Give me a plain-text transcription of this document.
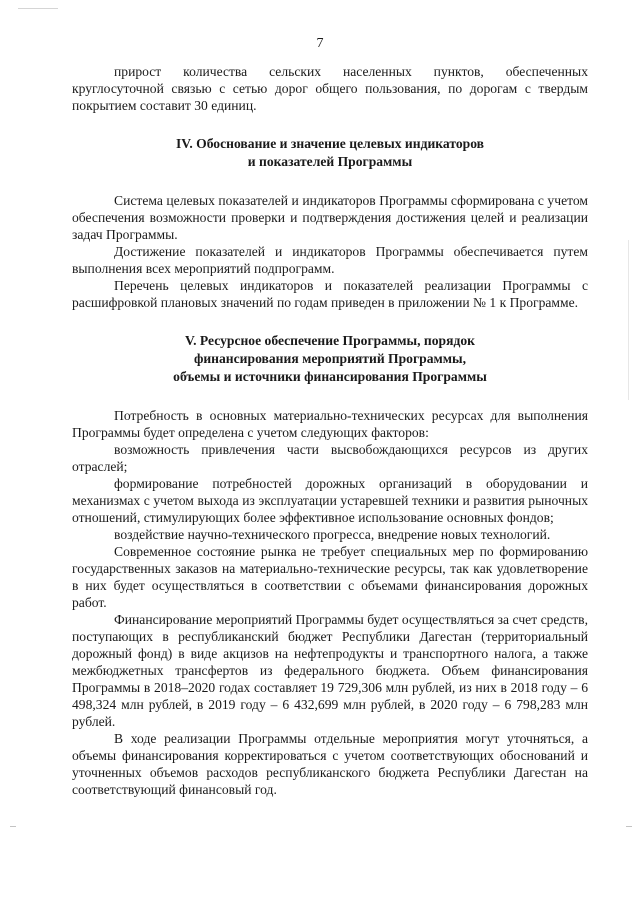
7

прирост количества сельских населенных пунктов, обеспеченных круглосуточной связью с сетью дорог общего пользования, по дорогам с твердым покрытием составит 30 единиц.

IV. Обоснование и значение целевых индикаторов

и показателей Программы

Система целевых показателей и индикаторов Программы сформирована с учетом обеспечения возможности проверки и подтверждения достижения целей и реализации задач Программы.

Достижение показателей и индикаторов Программы обеспечивается путем выполнения всех мероприятий подпрограмм.

Перечень целевых индикаторов и показателей реализации Программы с расшифровкой плановых значений по годам приведен в приложении № 1 к Программе.

V. Ресурсное обеспечение Программы, порядок

финансирования мероприятий Программы,

объемы и источники финансирования Программы

Потребность в основных материально-технических ресурсах для выполнения Программы будет определена с учетом следующих факторов:

возможность привлечения части высвобождающихся ресурсов из других отраслей;

формирование потребностей дорожных организаций в оборудовании и механизмах с учетом выхода из эксплуатации устаревшей техники и развития рыночных отношений, стимулирующих более эффективное использование основных фондов;

воздействие научно-технического прогресса, внедрение новых технологий.

Современное состояние рынка не требует специальных мер по формированию государственных заказов на материально-технические ресурсы, так как удовлетворение в них будет осуществляться в соответствии с объемами финансирования дорожных работ.

Финансирование мероприятий Программы будет осуществляться за счет средств, поступающих в республиканский бюджет Республики Дагестан (территориальный дорожный фонд) в виде акцизов на нефтепродукты и транспортного налога, а также межбюджетных трансфертов из федерального бюджета. Объем финансирования Программы в 2018–2020 годах составляет 19 729,306 млн рублей, из них в 2018 году – 6 498,324 млн рублей, в 2019 году – 6 432,699 млн рублей, в 2020 году – 6 798,283 млн рублей.

В ходе реализации Программы отдельные мероприятия могут уточняться, а объемы финансирования корректироваться с учетом соответствующих обоснований и уточненных объемов расходов республиканского бюджета Республики Дагестан на соответствующий финансовый год.
